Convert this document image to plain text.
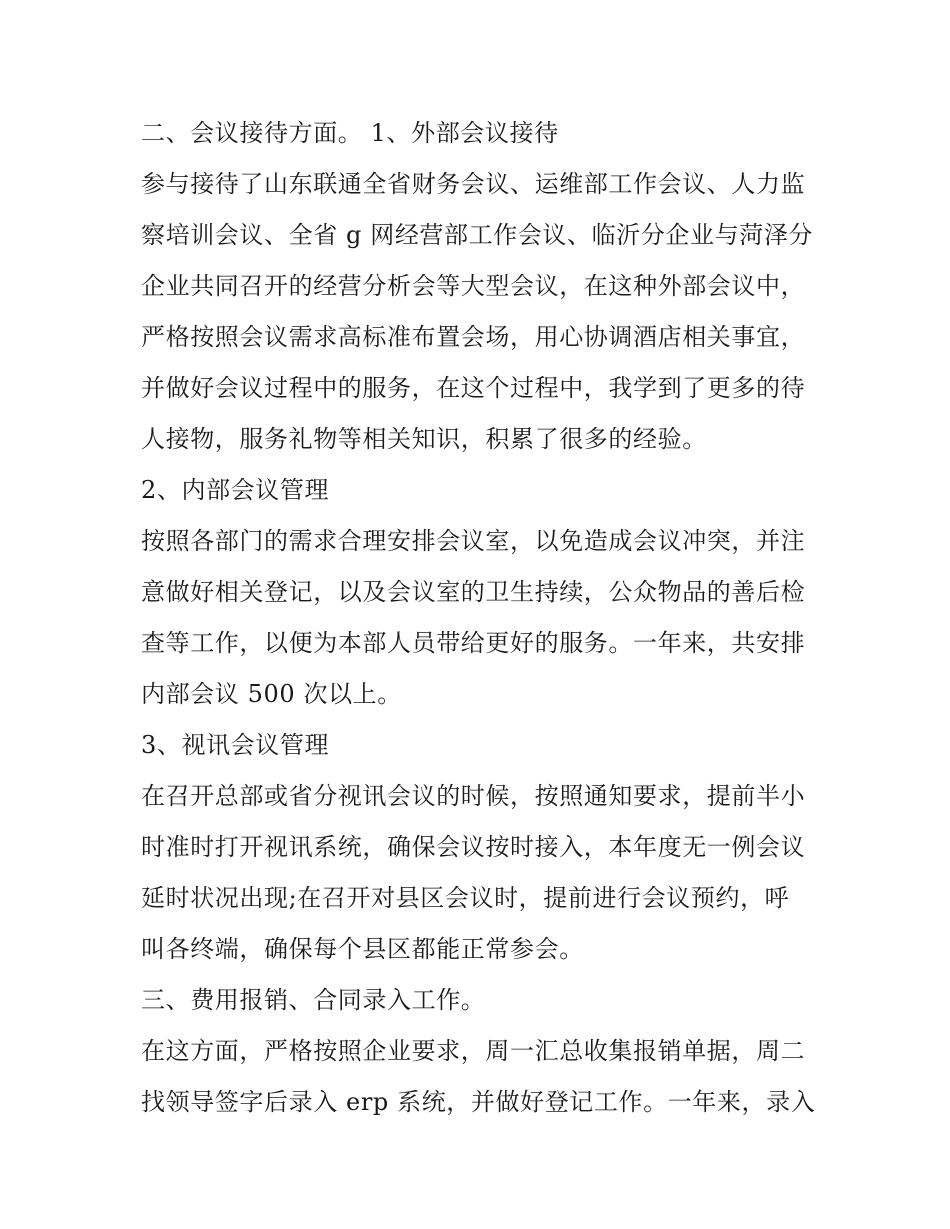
二、会议接待方面。 1、外部会议接待
参与接待了山东联通全省财务会议、运维部工作会议、人力监
察培训会议、全省 g 网经营部工作会议、临沂分企业与菏泽分
企业共同召开的经营分析会等大型会议，在这种外部会议中，
严格按照会议需求高标准布置会场，用心协调酒店相关事宜，
并做好会议过程中的服务，在这个过程中，我学到了更多的待
人接物，服务礼物等相关知识，积累了很多的经验。
2、内部会议管理
按照各部门的需求合理安排会议室，以免造成会议冲突，并注
意做好相关登记，以及会议室的卫生持续，公众物品的善后检
查等工作，以便为本部人员带给更好的服务。一年来，共安排
内部会议 500 次以上。
3、视讯会议管理
在召开总部或省分视讯会议的时候，按照通知要求，提前半小
时准时打开视讯系统，确保会议按时接入，本年度无一例会议
延时状况出现;在召开对县区会议时，提前进行会议预约，呼
叫各终端，确保每个县区都能正常参会。
三、费用报销、合同录入工作。
在这方面，严格按照企业要求，周一汇总收集报销单据，周二
找领导签字后录入 erp 系统，并做好登记工作。一年来，录入
